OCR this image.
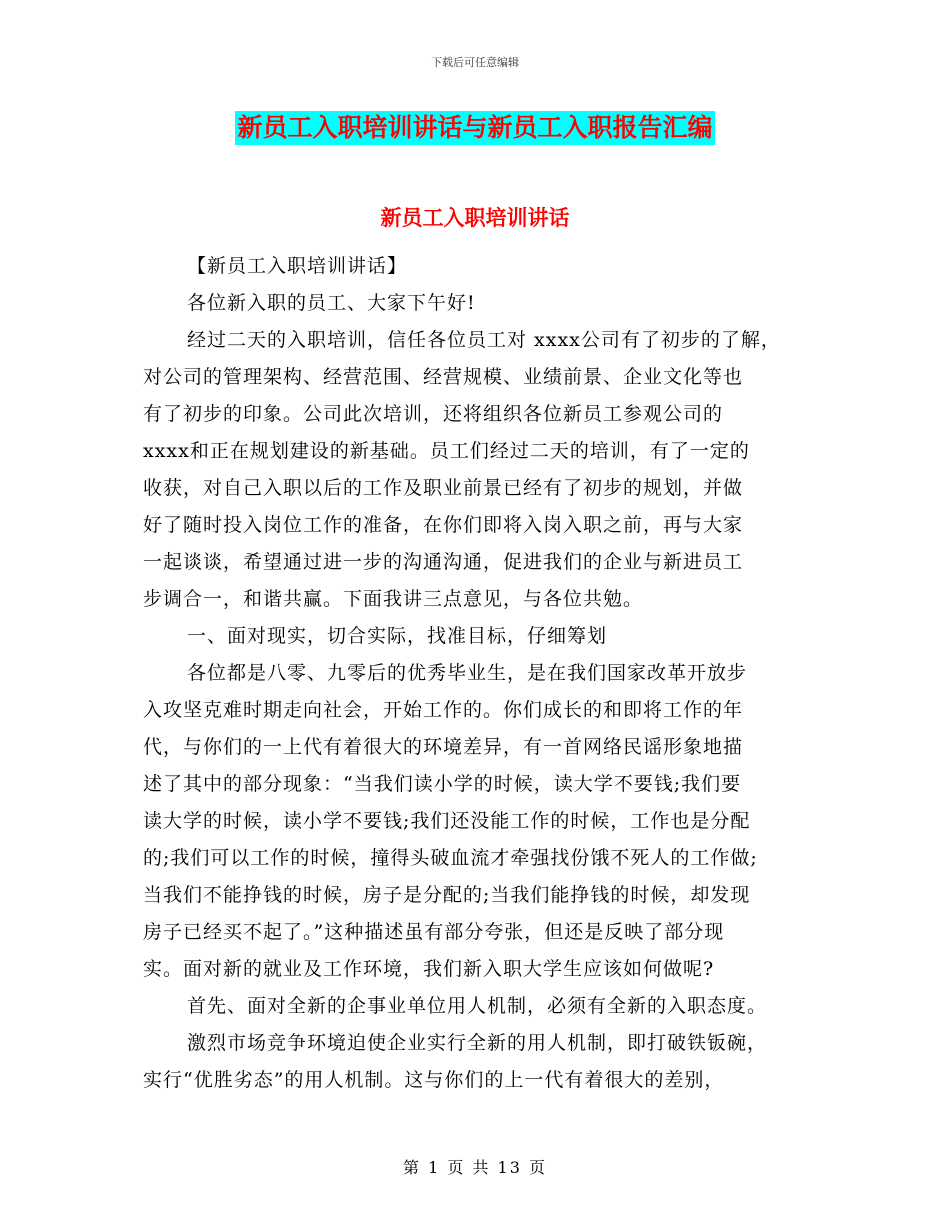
下载后可任意编辑
新员工入职培训讲话与新员工入职报告汇编
新员工入职培训讲话
【新员工入职培训讲话】
各位新入职的员工、大家下午好!
经过二天的入职培训，信任各位员工对 xxxx公司有了初步的了解，
对公司的管理架构、经营范围、经营规模、业绩前景、企业文化等也
有了初步的印象。公司此次培训，还将组织各位新员工参观公司的
xxxx和正在规划建设的新基础。员工们经过二天的培训，有了一定的
收获，对自己入职以后的工作及职业前景已经有了初步的规划，并做
好了随时投入岗位工作的准备，在你们即将入岗入职之前，再与大家
一起谈谈，希望通过进一步的沟通沟通，促进我们的企业与新进员工
步调合一，和谐共赢。下面我讲三点意见，与各位共勉。
一、面对现实，切合实际，找准目标，仔细筹划
各位都是八零、九零后的优秀毕业生，是在我们国家改革开放步
入攻坚克难时期走向社会，开始工作的。你们成长的和即将工作的年
代，与你们的一上代有着很大的环境差异，有一首网络民谣形象地描
述了其中的部分现象：“当我们读小学的时候，读大学不要钱;我们要
读大学的时候，读小学不要钱;我们还没能工作的时候，工作也是分配
的;我们可以工作的时候，撞得头破血流才牵强找份饿不死人的工作做;
当我们不能挣钱的时候，房子是分配的;当我们能挣钱的时候，却发现
房子已经买不起了。”这种描述虽有部分夸张，但还是反映了部分现
实。面对新的就业及工作环境，我们新入职大学生应该如何做呢?
首先、面对全新的企事业单位用人机制，必须有全新的入职态度。
激烈市场竞争环境迫使企业实行全新的用人机制，即打破铁钣碗，
实行“优胜劣态”的用人机制。这与你们的上一代有着很大的差别，
第 1 页 共 13 页
